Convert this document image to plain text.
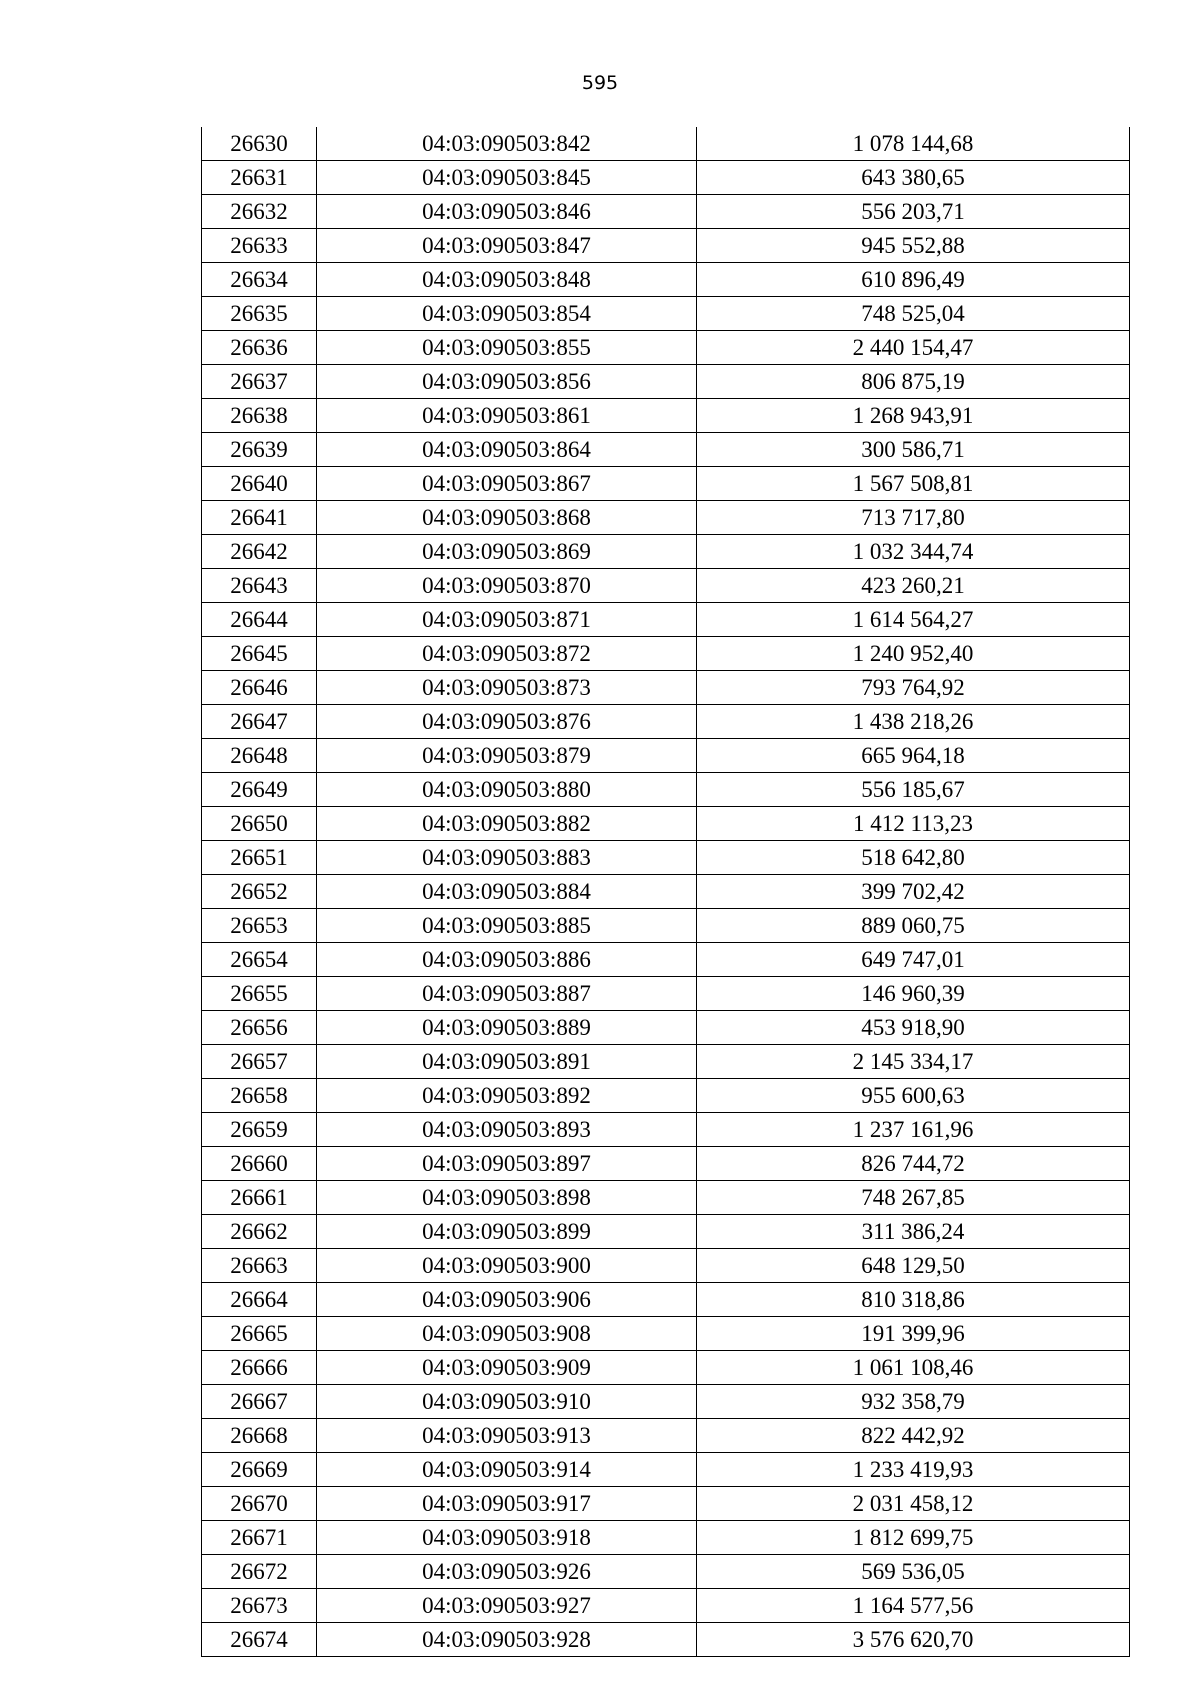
595
26630	04:03:090503:842	1 078 144,68
26631	04:03:090503:845	643 380,65
26632	04:03:090503:846	556 203,71
26633	04:03:090503:847	945 552,88
26634	04:03:090503:848	610 896,49
26635	04:03:090503:854	748 525,04
26636	04:03:090503:855	2 440 154,47
26637	04:03:090503:856	806 875,19
26638	04:03:090503:861	1 268 943,91
26639	04:03:090503:864	300 586,71
26640	04:03:090503:867	1 567 508,81
26641	04:03:090503:868	713 717,80
26642	04:03:090503:869	1 032 344,74
26643	04:03:090503:870	423 260,21
26644	04:03:090503:871	1 614 564,27
26645	04:03:090503:872	1 240 952,40
26646	04:03:090503:873	793 764,92
26647	04:03:090503:876	1 438 218,26
26648	04:03:090503:879	665 964,18
26649	04:03:090503:880	556 185,67
26650	04:03:090503:882	1 412 113,23
26651	04:03:090503:883	518 642,80
26652	04:03:090503:884	399 702,42
26653	04:03:090503:885	889 060,75
26654	04:03:090503:886	649 747,01
26655	04:03:090503:887	146 960,39
26656	04:03:090503:889	453 918,90
26657	04:03:090503:891	2 145 334,17
26658	04:03:090503:892	955 600,63
26659	04:03:090503:893	1 237 161,96
26660	04:03:090503:897	826 744,72
26661	04:03:090503:898	748 267,85
26662	04:03:090503:899	311 386,24
26663	04:03:090503:900	648 129,50
26664	04:03:090503:906	810 318,86
26665	04:03:090503:908	191 399,96
26666	04:03:090503:909	1 061 108,46
26667	04:03:090503:910	932 358,79
26668	04:03:090503:913	822 442,92
26669	04:03:090503:914	1 233 419,93
26670	04:03:090503:917	2 031 458,12
26671	04:03:090503:918	1 812 699,75
26672	04:03:090503:926	569 536,05
26673	04:03:090503:927	1 164 577,56
26674	04:03:090503:928	3 576 620,70
